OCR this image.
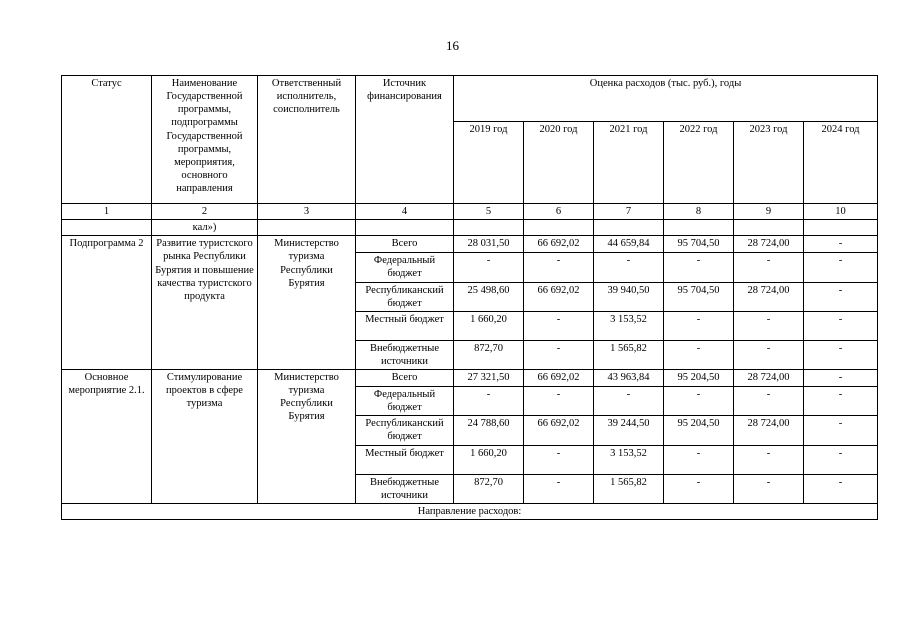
16
Статус	Наименование Государственной программы, подпрограммы Государственной программы, мероприятия, основного направления	Ответственный исполнитель, соисполнитель	Источник финансирования	Оценка расходов (тыс. руб.), годы					
				2019 год	2020 год	2021 год	2022 год	2023 год	2024 год
1	2	3	4	5	6	7	8	9	10
	кал»)								
Подпрограмма 2	Развитие туристского рынка Республики Бурятия и повышение качества туристского продукта	Министерство туризма Республики Бурятия	Всего	28 031,50	66 692,02	44 659,84	95 704,50	28 724,00	-
			Федеральный бюджет	-	-	-	-	-	-
			Республиканский бюджет	25 498,60	66 692,02	39 940,50	95 704,50	28 724,00	-
			Местный бюджет	1 660,20	-	3 153,52	-	-	-
			Внебюджетные источники	872,70	-	1 565,82	-	-	-
Основное мероприятие 2.1.	Стимулирование проектов в сфере туризма	Министерство туризма Республики Бурятия	Всего	27 321,50	66 692,02	43 963,84	95 204,50	28 724,00	-
			Федеральный бюджет	-	-	-	-	-	-
			Республиканский бюджет	24 788,60	66 692,02	39 244,50	95 204,50	28 724,00	-
			Местный бюджет	1 660,20	-	3 153,52	-	-	-
			Внебюджетные источники	872,70	-	1 565,82	-	-	-
Направление расходов:									
